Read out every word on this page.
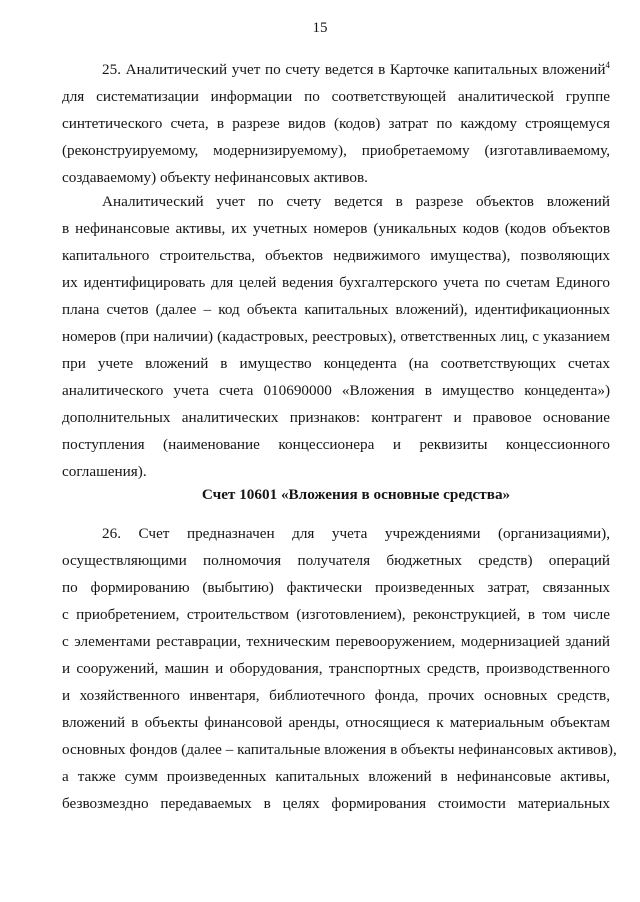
15
25. Аналитический учет по счету ведется в Карточке капитальных вложений$^4$
для систематизации информации по соответствующей аналитической группе
синтетического счета, в разрезе видов (кодов) затрат по каждому строящемуся
(реконструируемому, модернизируемому), приобретаемому (изготавливаемому,
создаваемому) объекту нефинансовых активов.
Аналитический учет по счету ведется в разрезе объектов вложений
в нефинансовые активы, их учетных номеров (уникальных кодов (кодов объектов
капитального строительства, объектов недвижимого имущества), позволяющих
их идентифицировать для целей ведения бухгалтерского учета по счетам Единого
плана счетов (далее – код объекта капитальных вложений), идентификационных
номеров (при наличии) (кадастровых, реестровых), ответственных лиц, с указанием
при учете вложений в имущество концедента (на соответствующих счетах
аналитического учета счета 010690000 «Вложения в имущество концедента»)
дополнительных аналитических признаков: контрагент и правовое основание
поступления (наименование концессионера и реквизиты концессионного
соглашения).
Счет 10601 «Вложения в основные средства»
26. Счет предназначен для учета учреждениями (организациями),
осуществляющими полномочия получателя бюджетных средств) операций
по формированию (выбытию) фактически произведенных затрат, связанных
с приобретением, строительством (изготовлением), реконструкцией, в том числе
с элементами реставрации, техническим перевооружением, модернизацией зданий
и сооружений, машин и оборудования, транспортных средств, производственного
и хозяйственного инвентаря, библиотечного фонда, прочих основных средств,
вложений в объекты финансовой аренды, относящиеся к материальным объектам
основных фондов (далее – капитальные вложения в объекты нефинансовых активов),
а также сумм произведенных капитальных вложений в нефинансовые активы,
безвозмездно передаваемых в целях формирования стоимости материальных
